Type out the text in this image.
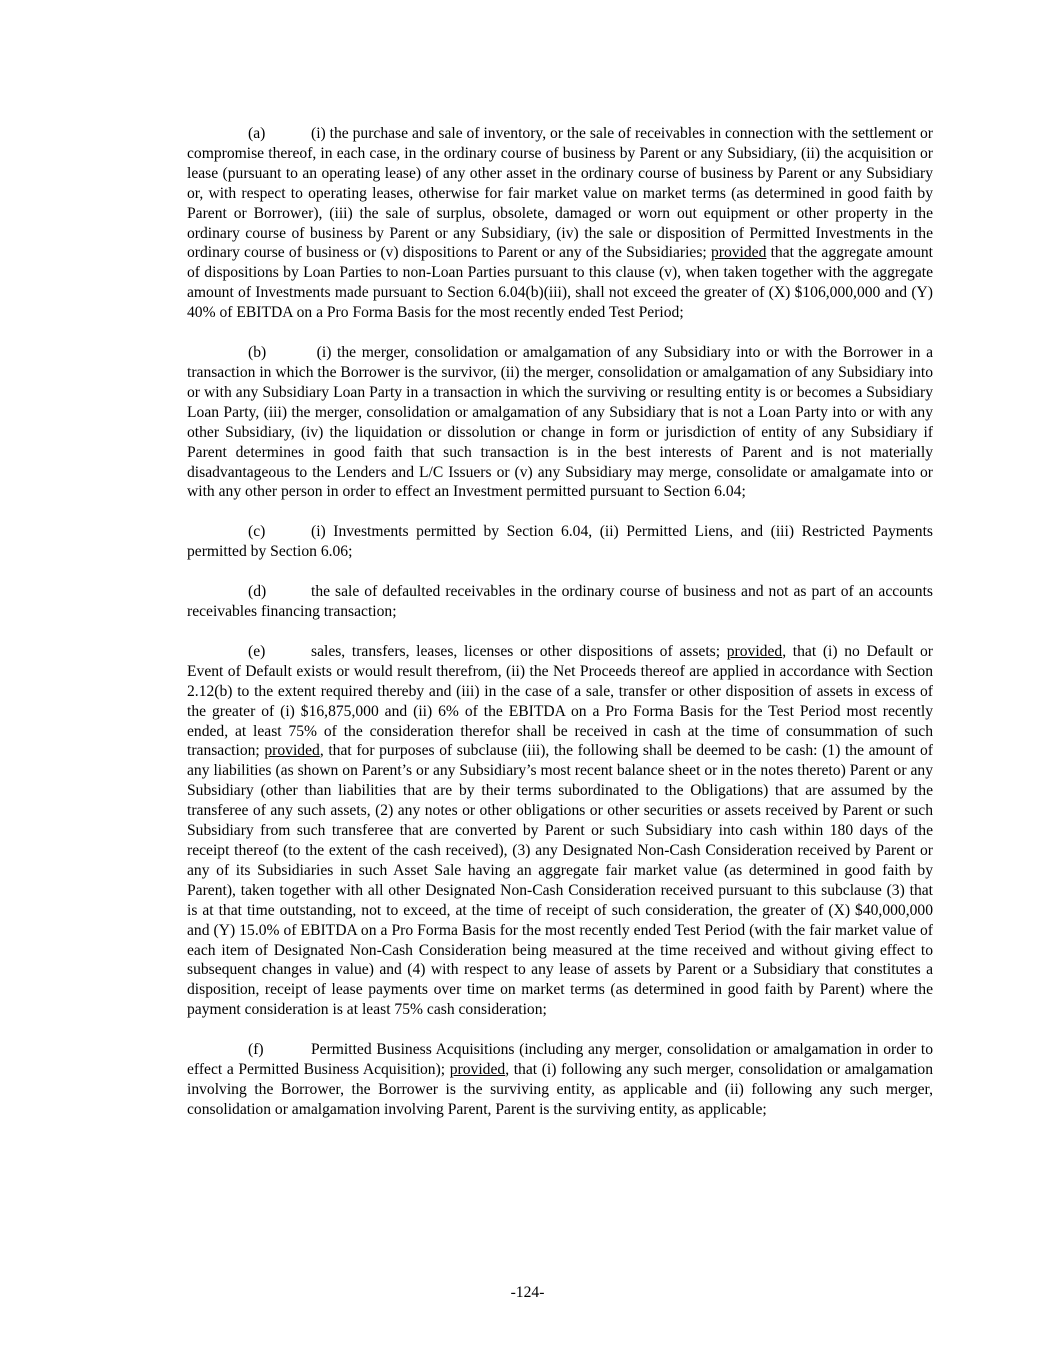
(a)	(i) the purchase and sale of inventory, or the sale of receivables in connection with the settlement or compromise thereof, in each case, in the ordinary course of business by Parent or any Subsidiary, (ii) the acquisition or lease (pursuant to an operating lease) of any other asset in the ordinary course of business by Parent or any Subsidiary or, with respect to operating leases, otherwise for fair market value on market terms (as determined in good faith by Parent or Borrower), (iii) the sale of surplus, obsolete, damaged or worn out equipment or other property in the ordinary course of business by Parent or any Subsidiary, (iv) the sale or disposition of Permitted Investments in the ordinary course of business or (v) dispositions to Parent or any of the Subsidiaries; provided that the aggregate amount of dispositions by Loan Parties to non-Loan Parties pursuant to this clause (v), when taken together with the aggregate amount of Investments made pursuant to Section 6.04(b)(iii), shall not exceed the greater of (X) $106,000,000 and (Y) 40% of EBITDA on a Pro Forma Basis for the most recently ended Test Period;

(b)	(i) the merger, consolidation or amalgamation of any Subsidiary into or with the Borrower in a transaction in which the Borrower is the survivor, (ii) the merger, consolidation or amalgamation of any Subsidiary into or with any Subsidiary Loan Party in a transaction in which the surviving or resulting entity is or becomes a Subsidiary Loan Party, (iii) the merger, consolidation or amalgamation of any Subsidiary that is not a Loan Party into or with any other Subsidiary, (iv) the liquidation or dissolution or change in form or jurisdiction of entity of any Subsidiary if Parent determines in good faith that such transaction is in the best interests of Parent and is not materially disadvantageous to the Lenders and L/C Issuers or (v) any Subsidiary may merge, consolidate or amalgamate into or with any other person in order to effect an Investment permitted pursuant to Section 6.04;

(c)	(i) Investments permitted by Section 6.04, (ii) Permitted Liens, and (iii) Restricted Payments permitted by Section 6.06;

(d)	the sale of defaulted receivables in the ordinary course of business and not as part of an accounts receivables financing transaction;

(e)	sales, transfers, leases, licenses or other dispositions of assets; provided, that (i) no Default or Event of Default exists or would result therefrom, (ii) the Net Proceeds thereof are applied in accordance with Section 2.12(b) to the extent required thereby and (iii) in the case of a sale, transfer or other disposition of assets in excess of the greater of (i) $16,875,000 and (ii) 6% of the EBITDA on a Pro Forma Basis for the Test Period most recently ended, at least 75% of the consideration therefor shall be received in cash at the time of consummation of such transaction; provided, that for purposes of subclause (iii), the following shall be deemed to be cash: (1) the amount of any liabilities (as shown on Parent’s or any Subsidiary’s most recent balance sheet or in the notes thereto) Parent or any Subsidiary (other than liabilities that are by their terms subordinated to the Obligations) that are assumed by the transferee of any such assets, (2) any notes or other obligations or other securities or assets received by Parent or such Subsidiary from such transferee that are converted by Parent or such Subsidiary into cash within 180 days of the receipt thereof (to the extent of the cash received), (3) any Designated Non-Cash Consideration received by Parent or any of its Subsidiaries in such Asset Sale having an aggregate fair market value (as determined in good faith by Parent), taken together with all other Designated Non-Cash Consideration received pursuant to this subclause (3) that is at that time outstanding, not to exceed, at the time of receipt of such consideration, the greater of (X) $40,000,000 and (Y) 15.0% of EBITDA on a Pro Forma Basis for the most recently ended Test Period (with the fair market value of each item of Designated Non-Cash Consideration being measured at the time received and without giving effect to subsequent changes in value) and (4) with respect to any lease of assets by Parent or a Subsidiary that constitutes a disposition, receipt of lease payments over time on market terms (as determined in good faith by Parent) where the payment consideration is at least 75% cash consideration;

(f)	Permitted Business Acquisitions (including any merger, consolidation or amalgamation in order to effect a Permitted Business Acquisition); provided, that (i) following any such merger, consolidation or amalgamation involving the Borrower, the Borrower is the surviving entity, as applicable and (ii) following any such merger, consolidation or amalgamation involving Parent, Parent is the surviving entity, as applicable;

-124-
